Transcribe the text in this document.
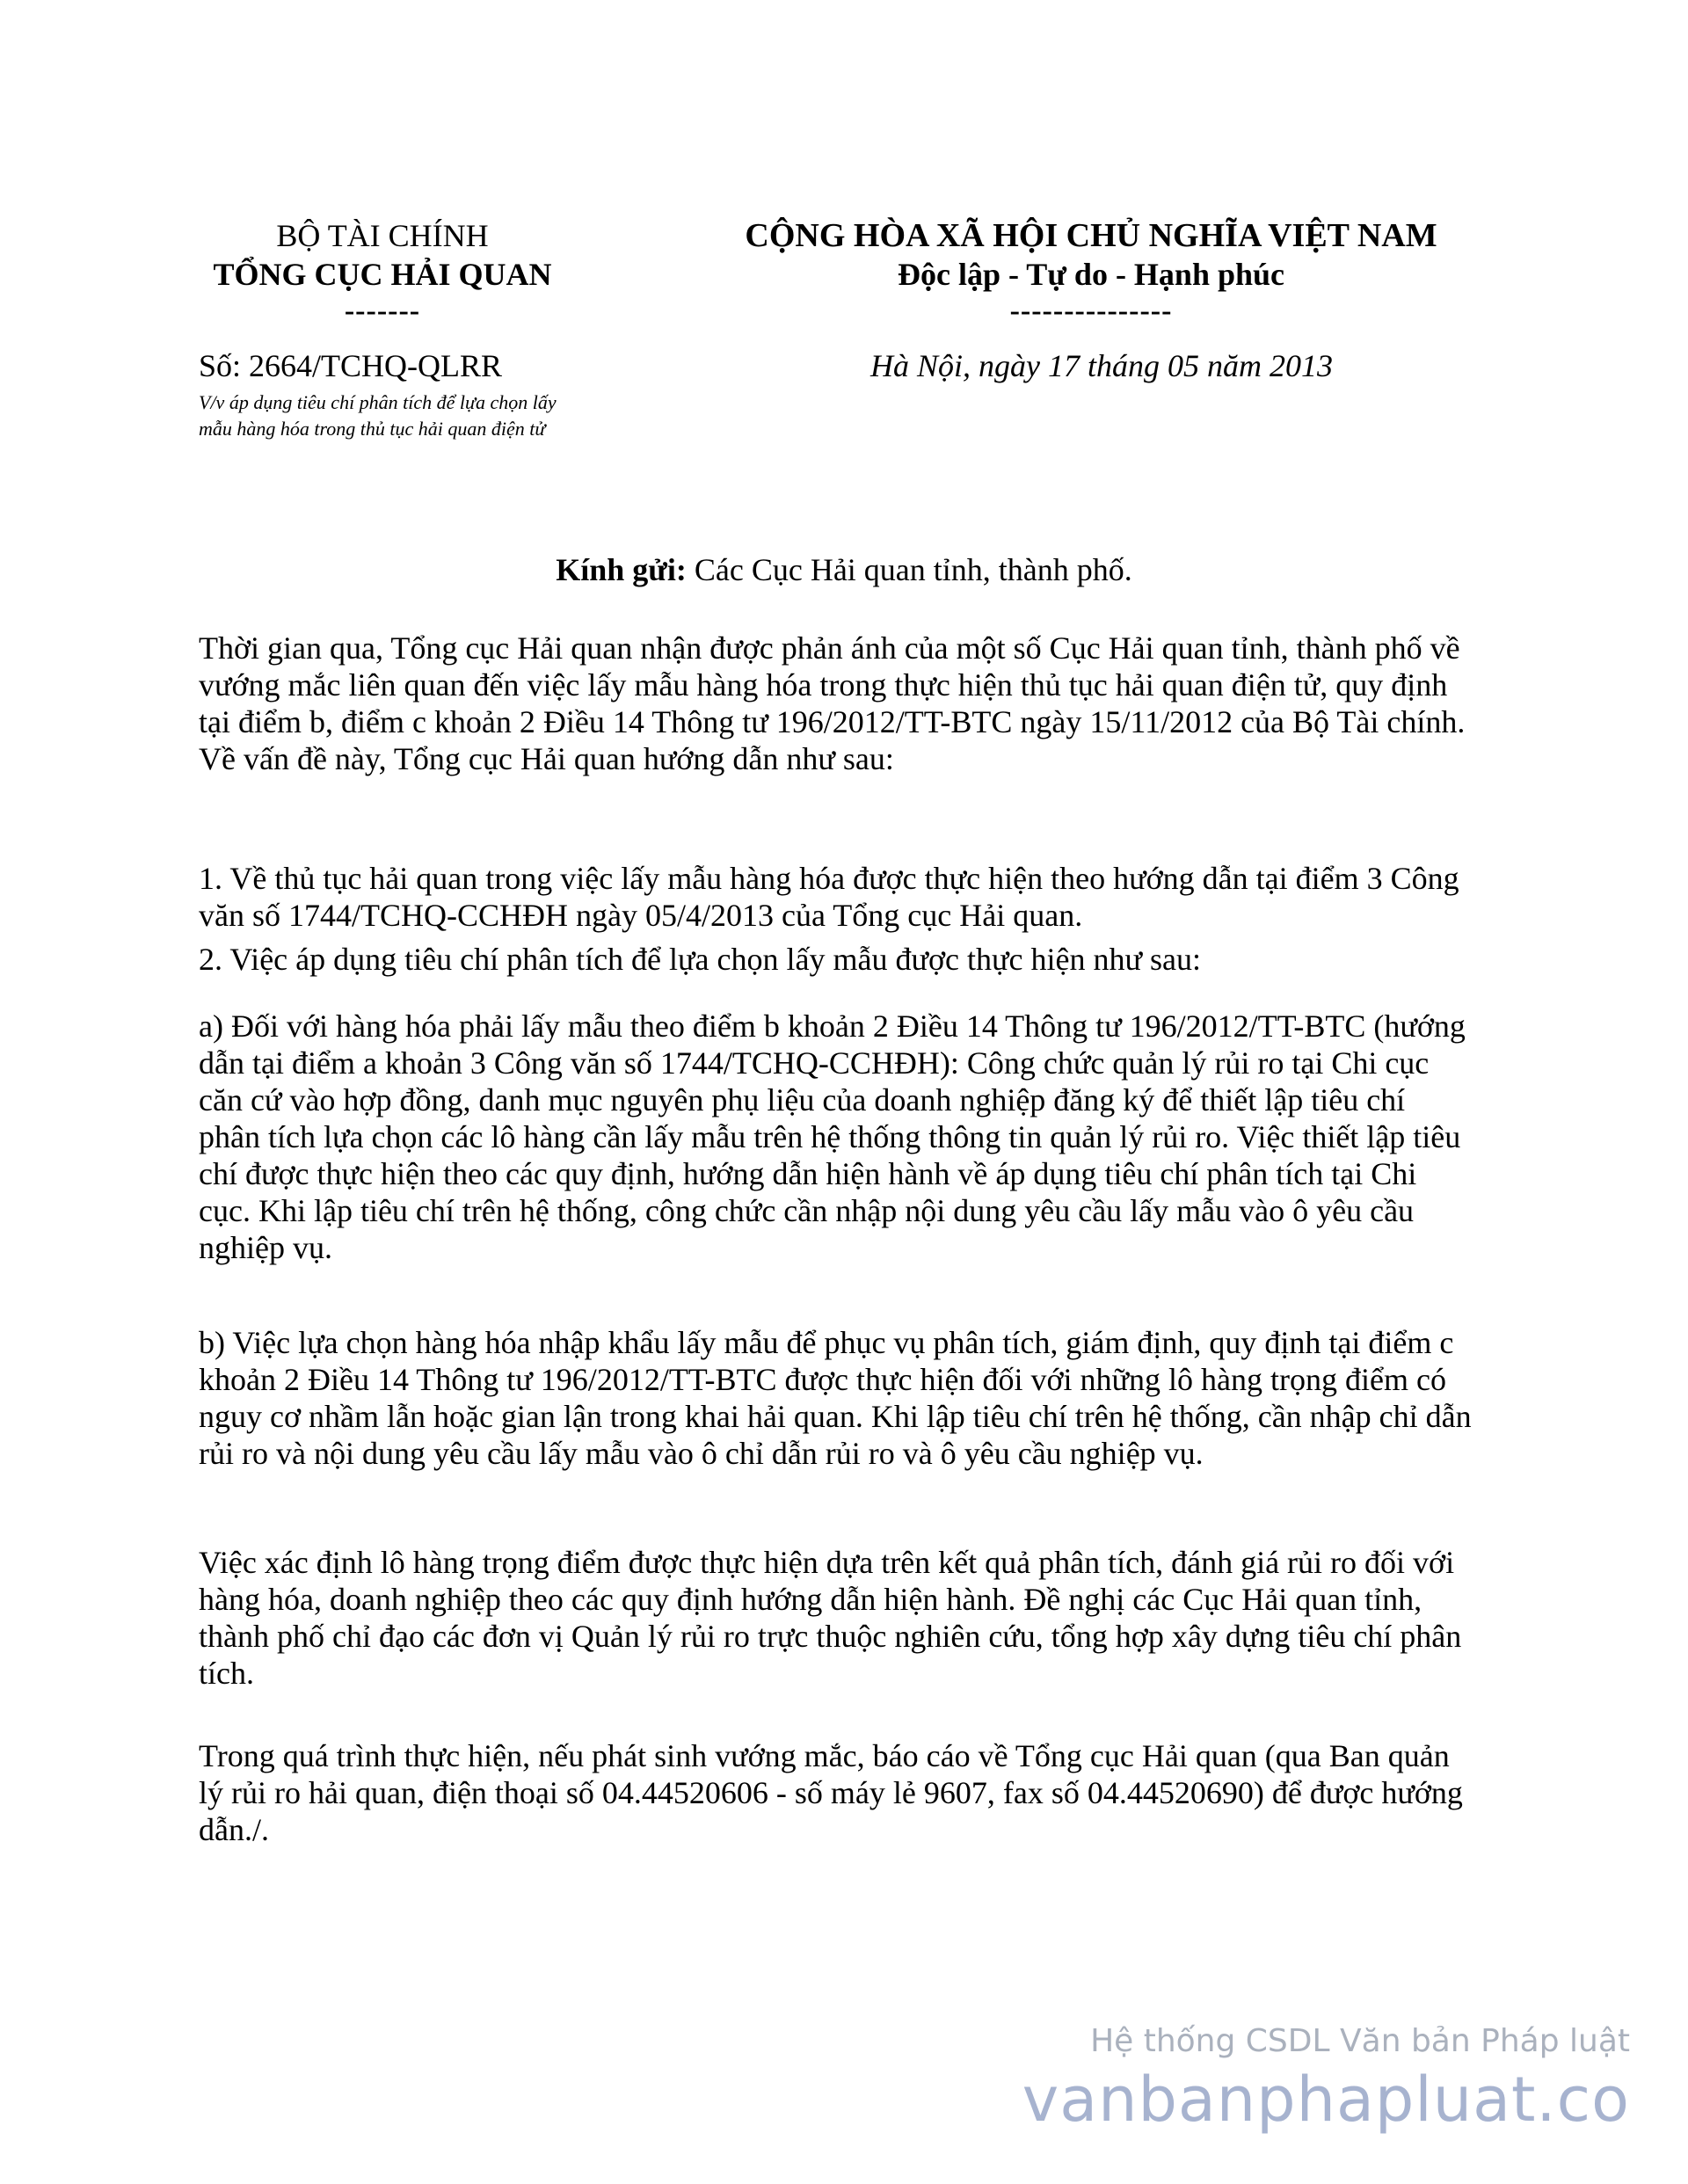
BỘ TÀI CHÍNH
TỔNG CỤC HẢI QUAN
-------
CỘNG HÒA XÃ HỘI CHỦ NGHĨA VIỆT NAM
Độc lập - Tự do - Hạnh phúc
---------------
Số: 2664/TCHQ-QLRR
V/v áp dụng tiêu chí phân tích để lựa chọn lấy mẫu hàng hóa trong thủ tục hải quan điện tử
Hà Nội, ngày 17 tháng 05 năm 2013
Kính gửi: Các Cục Hải quan tỉnh, thành phố.
Thời gian qua, Tổng cục Hải quan nhận được phản ánh của một số Cục Hải quan tỉnh, thành phố về vướng mắc liên quan đến việc lấy mẫu hàng hóa trong thực hiện thủ tục hải quan điện tử, quy định tại điểm b, điểm c khoản 2 Điều 14 Thông tư 196/2012/TT-BTC ngày 15/11/2012 của Bộ Tài chính. Về vấn đề này, Tổng cục Hải quan hướng dẫn như sau:
1. Về thủ tục hải quan trong việc lấy mẫu hàng hóa được thực hiện theo hướng dẫn tại điểm 3 Công văn số 1744/TCHQ-CCHĐH ngày 05/4/2013 của Tổng cục Hải quan.
2. Việc áp dụng tiêu chí phân tích để lựa chọn lấy mẫu được thực hiện như sau:
a) Đối với hàng hóa phải lấy mẫu theo điểm b khoản 2 Điều 14 Thông tư 196/2012/TT-BTC (hướng dẫn tại điểm a khoản 3 Công văn số 1744/TCHQ-CCHĐH): Công chức quản lý rủi ro tại Chi cục căn cứ vào hợp đồng, danh mục nguyên phụ liệu của doanh nghiệp đăng ký để thiết lập tiêu chí phân tích lựa chọn các lô hàng cần lấy mẫu trên hệ thống thông tin quản lý rủi ro. Việc thiết lập tiêu chí được thực hiện theo các quy định, hướng dẫn hiện hành về áp dụng tiêu chí phân tích tại Chi cục. Khi lập tiêu chí trên hệ thống, công chức cần nhập nội dung yêu cầu lấy mẫu vào ô yêu cầu nghiệp vụ.
b) Việc lựa chọn hàng hóa nhập khẩu lấy mẫu để phục vụ phân tích, giám định, quy định tại điểm c khoản 2 Điều 14 Thông tư 196/2012/TT-BTC được thực hiện đối với những lô hàng trọng điểm có nguy cơ nhầm lẫn hoặc gian lận trong khai hải quan. Khi lập tiêu chí trên hệ thống, cần nhập chỉ dẫn rủi ro và nội dung yêu cầu lấy mẫu vào ô chỉ dẫn rủi ro và ô yêu cầu nghiệp vụ.
Việc xác định lô hàng trọng điểm được thực hiện dựa trên kết quả phân tích, đánh giá rủi ro đối với hàng hóa, doanh nghiệp theo các quy định hướng dẫn hiện hành. Đề nghị các Cục Hải quan tỉnh, thành phố chỉ đạo các đơn vị Quản lý rủi ro trực thuộc nghiên cứu, tổng hợp xây dựng tiêu chí phân tích.
Trong quá trình thực hiện, nếu phát sinh vướng mắc, báo cáo về Tổng cục Hải quan (qua Ban quản lý rủi ro hải quan, điện thoại số 04.44520606 - số máy lẻ 9607, fax số 04.44520690) để được hướng dẫn./.
Hệ thống CSDL Văn bản Pháp luật
vanbanphapluat.co
